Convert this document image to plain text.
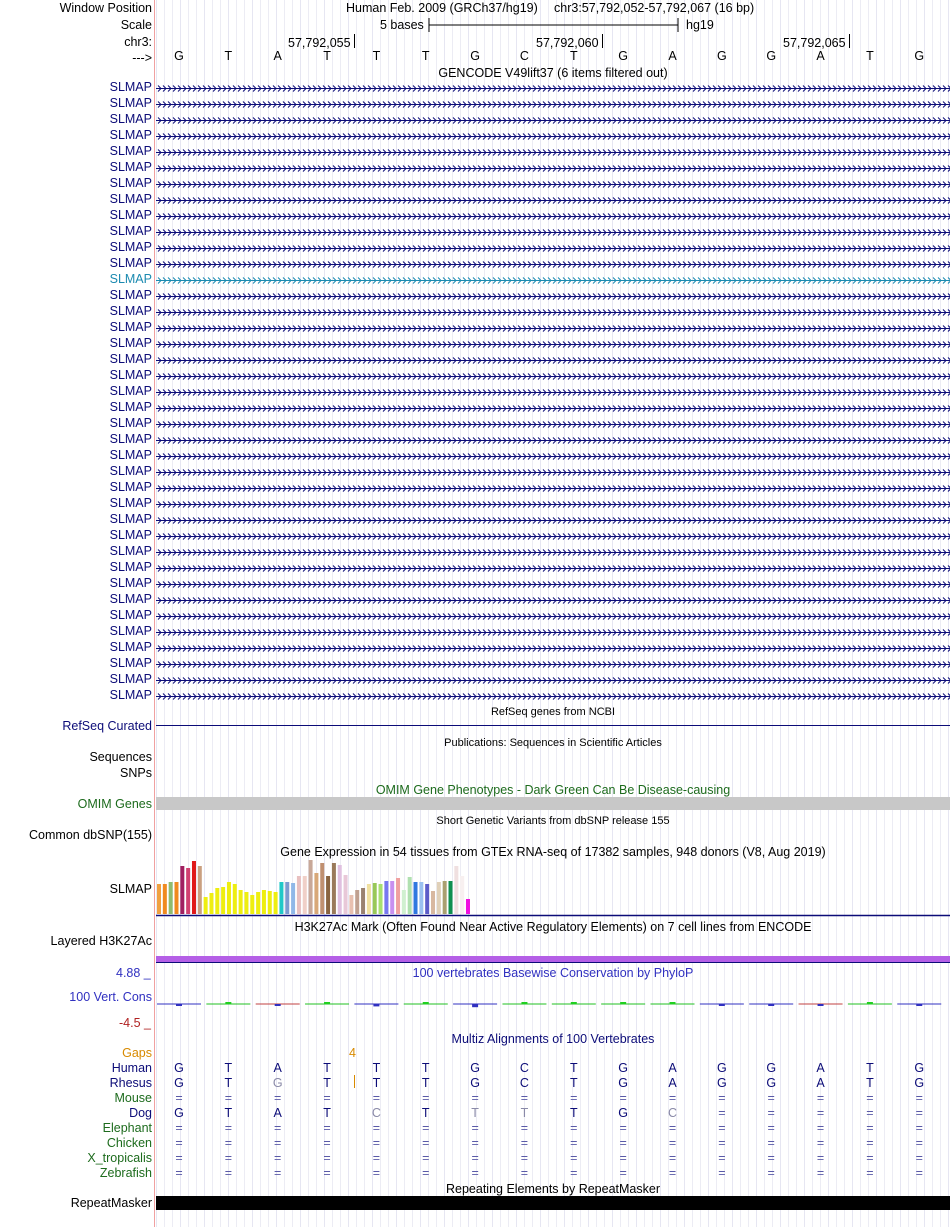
Window Position	Human Feb. 2009 (GRCh37/hg19) chr3:57,792,052-57,792,067 (16 bp)
Scale	5 bases	hg19
chr3:	57,792,055	57,792,060	57,792,065
--->	G	T	A	T	T	T	G	C	T	G	A	G	G	A	T	G
GENCODE V49lift37 (6 items filtered out)
SLMAP
SLMAP
SLMAP
SLMAP
SLMAP
SLMAP
SLMAP
SLMAP
SLMAP
SLMAP
SLMAP
SLMAP
SLMAP
SLMAP
SLMAP
SLMAP
SLMAP
SLMAP
SLMAP
SLMAP
SLMAP
SLMAP
SLMAP
SLMAP
SLMAP
SLMAP
SLMAP
SLMAP
SLMAP
SLMAP
SLMAP
SLMAP
SLMAP
SLMAP
SLMAP
SLMAP
SLMAP
SLMAP
SLMAP
RefSeq genes from NCBI
RefSeq Curated
Publications: Sequences in Scientific Articles
Sequences
SNPs
OMIM Gene Phenotypes - Dark Green Can Be Disease-causing
OMIM Genes
Short Genetic Variants from dbSNP release 155
Common dbSNP(155)
Gene Expression in 54 tissues from GTEx RNA-seq of 17382 samples, 948 donors (V8, Aug 2019)
SLMAP
H3K27Ac Mark (Often Found Near Active Regulatory Elements) on 7 cell lines from ENCODE
Layered H3K27Ac
100 vertebrates Basewise Conservation by PhyloP
4.88 _
100 Vert. Cons
-4.5 _
Multiz Alignments of 100 Vertebrates
Gaps	4
Human	G	T	A	T	T	T	G	C	T	G	A	G	G	A	T	G
Rhesus	G	T	G	T	T	T	G	C	T	G	A	G	G	A	T	G
Mouse	=	=	=	=	=	=	=	=	=	=	=	=	=	=	=	=
Dog	G	T	A	T	C	T	T	T	T	G	C	=	=	=	=	=
Elephant	=	=	=	=	=	=	=	=	=	=	=	=	=	=	=	=
Chicken	=	=	=	=	=	=	=	=	=	=	=	=	=	=	=	=
X_tropicalis	=	=	=	=	=	=	=	=	=	=	=	=	=	=	=	=
Zebrafish	=	=	=	=	=	=	=	=	=	=	=	=	=	=	=	=
Repeating Elements by RepeatMasker
RepeatMasker
